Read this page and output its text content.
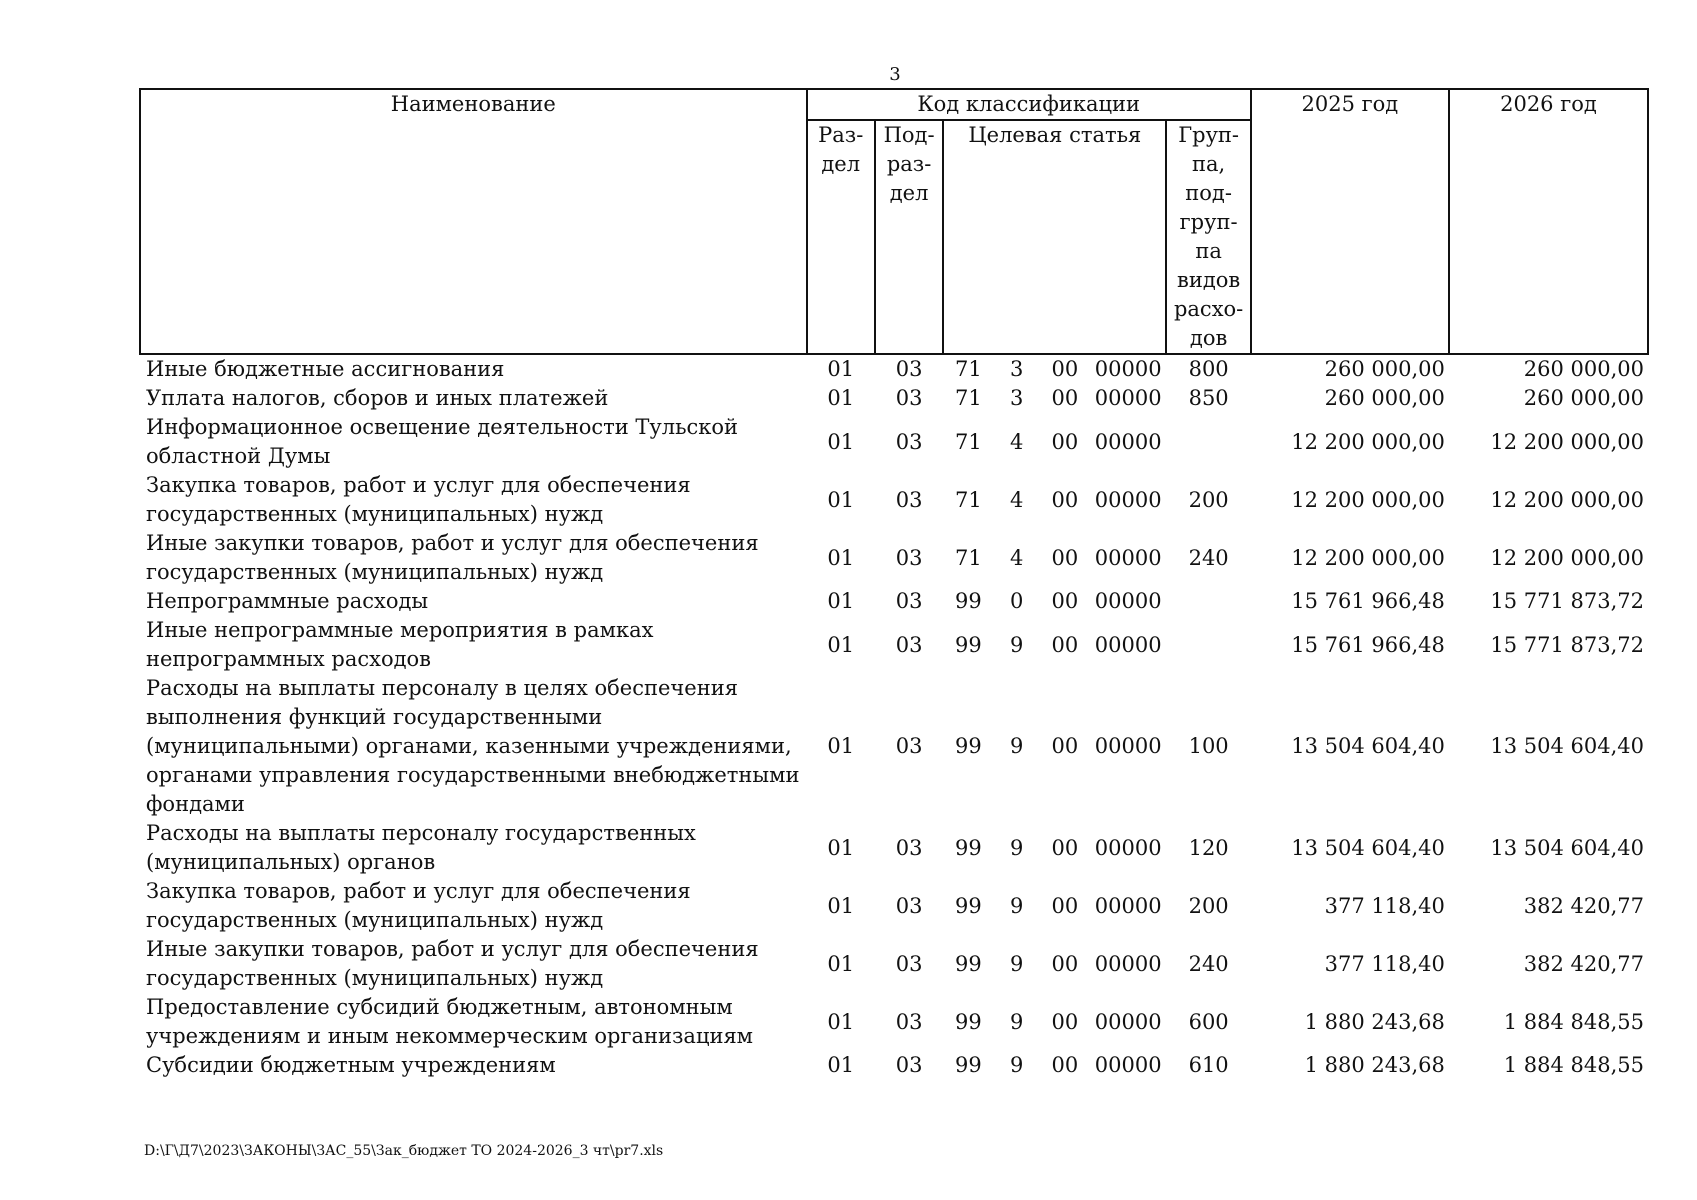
3
Наименование	Код классификации							2025 год	2026 год
	Раз- дел	Под- раз- дел	Целевая статья				Груп- па, под- груп- па видов расхо- дов		
Иные бюджетные ассигнования	01	03	71	3	00	00000	800	260 000,00	260 000,00
Уплата налогов, сборов и иных платежей	01	03	71	3	00	00000	850	260 000,00	260 000,00
Информационное освещение деятельности Тульской областной Думы	01	03	71	4	00	00000		12 200 000,00	12 200 000,00
Закупка товаров, работ и услуг для обеспечения государственных (муниципальных) нужд	01	03	71	4	00	00000	200	12 200 000,00	12 200 000,00
Иные закупки товаров, работ и услуг для обеспечения государственных (муниципальных) нужд	01	03	71	4	00	00000	240	12 200 000,00	12 200 000,00
Непрограммные расходы	01	03	99	0	00	00000		15 761 966,48	15 771 873,72
Иные непрограммные мероприятия в рамках непрограммных расходов	01	03	99	9	00	00000		15 761 966,48	15 771 873,72
Расходы на выплаты персоналу в целях обеспечения выполнения функций государственными (муниципальными) органами, казенными учреждениями, органами управления государственными внебюджетными фондами	01	03	99	9	00	00000	100	13 504 604,40	13 504 604,40
Расходы на выплаты персоналу государственных (муниципальных) органов	01	03	99	9	00	00000	120	13 504 604,40	13 504 604,40
Закупка товаров, работ и услуг для обеспечения государственных (муниципальных) нужд	01	03	99	9	00	00000	200	377 118,40	382 420,77
Иные закупки товаров, работ и услуг для обеспечения государственных (муниципальных) нужд	01	03	99	9	00	00000	240	377 118,40	382 420,77
Предоставление субсидий бюджетным, автономным учреждениям и иным некоммерческим организациям	01	03	99	9	00	00000	600	1 880 243,68	1 884 848,55
Субсидии бюджетным учреждениям	01	03	99	9	00	00000	610	1 880 243,68	1 884 848,55
D:\Г\Д7\2023\ЗАКОНЫ\ЗАС_55\Зак_бюджет ТО 2024-2026_3 чт\pr7.xls
